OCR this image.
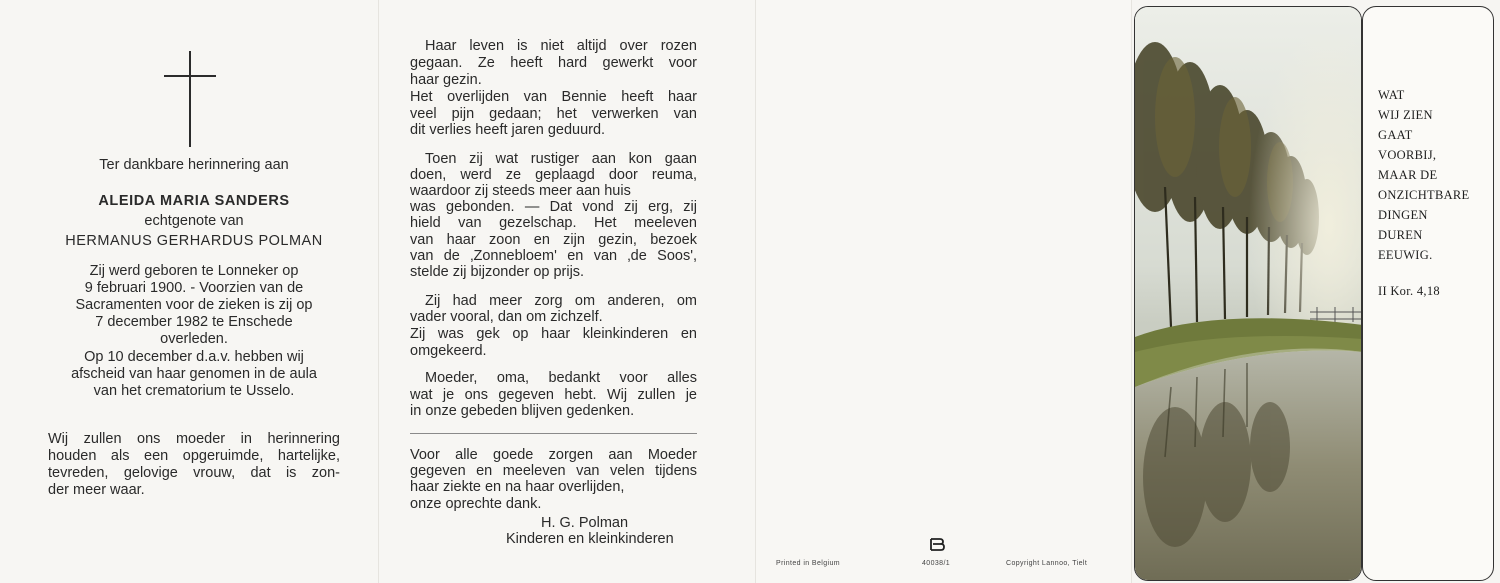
Ter dankbare herinnering aan
ALEIDA MARIA SANDERS
echtgenote van
HERMANUS GERHARDUS POLMAN
Zij werd geboren te Lonneker op
9 februari 1900. - Voorzien van de
Sacramenten voor de zieken is zij op
7 december 1982 te Enschede
overleden.
Op 10 december d.a.v. hebben wij
afscheid van haar genomen in de aula
van het crematorium te Usselo.
Wij zullen ons moeder in herinnering
houden als een opgeruimde, hartelijke,
tevreden, gelovige vrouw, dat is zon-
der meer waar.
Haar leven is niet altijd over rozen
gegaan. Ze heeft hard gewerkt voor
haar gezin.
Het overlijden van Bennie heeft haar
veel pijn gedaan; het verwerken van
dit verlies heeft jaren geduurd.
Toen zij wat rustiger aan kon gaan
doen, werd ze geplaagd door reuma,
waardoor zij steeds meer aan huis
was gebonden. — Dat vond zij erg, zij
hield van gezelschap. Het meeleven
van haar zoon en zijn gezin, bezoek
van de ‚Zonnebloem' en van ‚de Soos',
stelde zij bijzonder op prijs.
Zij had meer zorg om anderen, om
vader vooral, dan om zichzelf.
Zij was gek op haar kleinkinderen en
omgekeerd.
Moeder, oma, bedankt voor alles
wat je ons gegeven hebt. Wij zullen je
in onze gebeden blijven gedenken.
Voor alle goede zorgen aan Moeder
gegeven en meeleven van velen tijdens
haar ziekte en na haar overlijden,
onze oprechte dank.
H. G. Polman
Kinderen en kleinkinderen
Printed in Belgium	40038/1	Copyright Lannoo, Tielt
WAT
WIJ ZIEN
GAAT
VOORBIJ,
MAAR DE
ONZICHTBARE
DINGEN
DUREN
EEUWIG.
II Kor. 4,18
